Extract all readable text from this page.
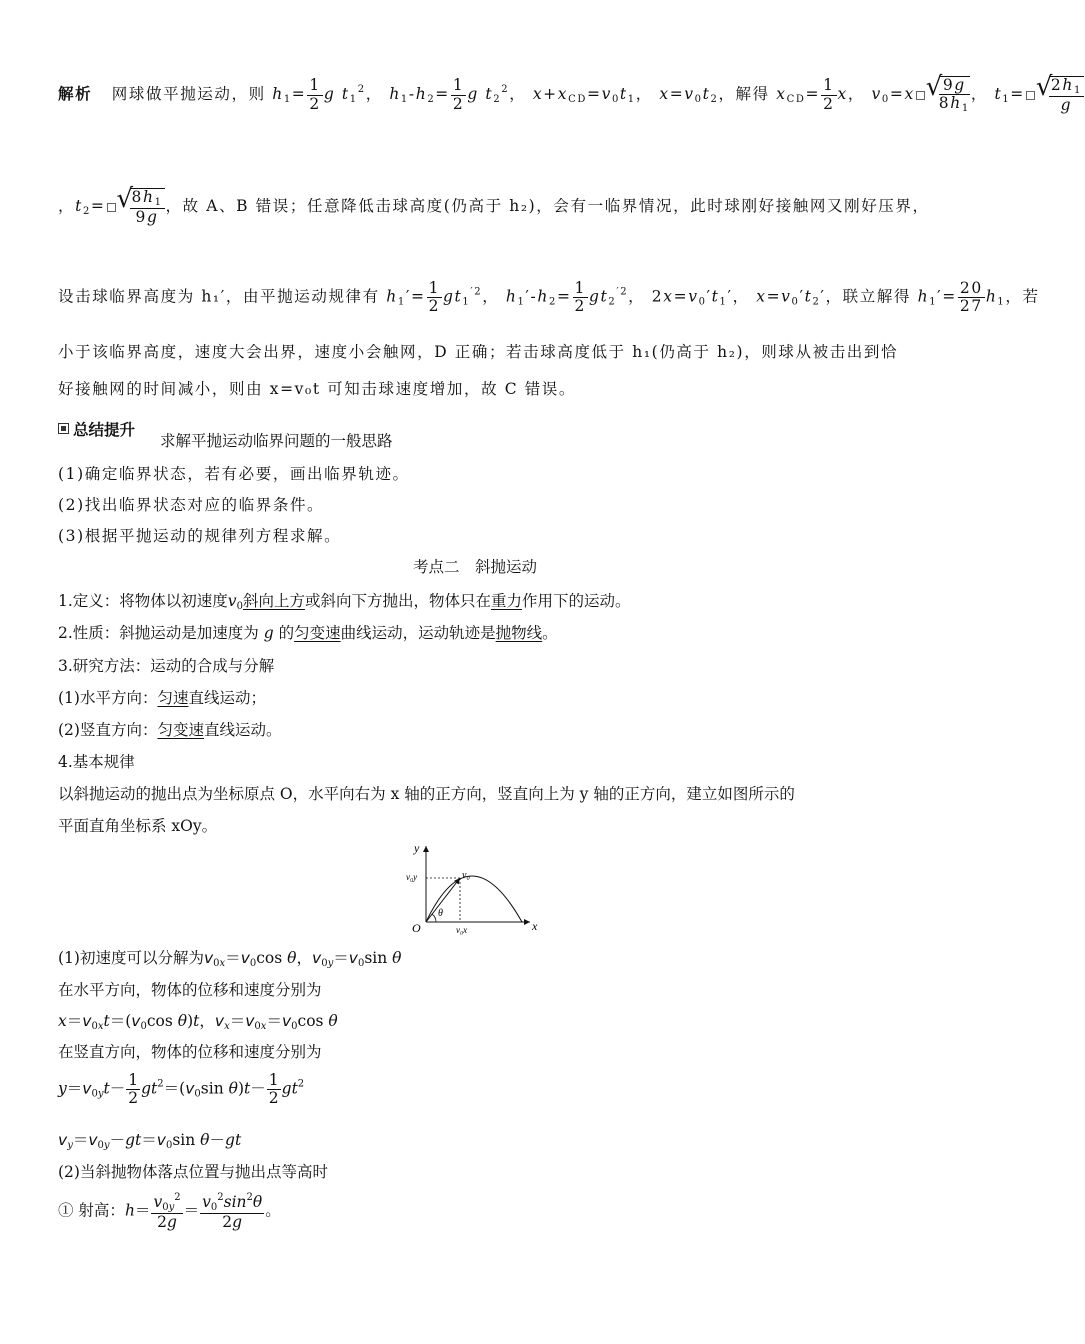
解析 网球做平抛运动，则 $h_1= \frac{1}{2}$ g $t_1^2$， $h_1-h_2= \frac{1}{2}$ g $t_2^2$， $x+x_{CD}=v_0t_1$， $x=v_0t_2$，解得 $x_{CD}= \frac{1}{2}$ x， $v_0=x$ √ $\frac{9g}{8h_1}$ ， $t_1=$ √ $\frac{2h_1}{g}$
，$t_2=$ √ $\frac{8h_1}{9g}$ ，故 A、B 错误；任意降低击球高度(仍高于 h₂)，会有一临界情况，此时球刚好接触网又刚好压界，
设击球临界高度为 h₁′，由平抛运动规律有 $h_1'= \frac{1}{2} gt_1^{'2}$， $h_1'-h_2= \frac{1}{2} gt_2^{'2}$， $2x=v_0't_1'$， $x=v_0't_2'$，联立解得 $h_1'= \frac{20}{27} h_1$，若
小于该临界高度，速度大会出界，速度小会触网，D 正确；若击球高度低于 h₁(仍高于 h₂)，则球从被击出到恰
好接触网的时间减小，则由 x=v₀t 可知击球速度增加，故 C 错误。
总结提升
求解平抛运动临界问题的一般思路
(1)确定临界状态，若有必要，画出临界轨迹。
(2)找出临界状态对应的临界条件。
(3)根据平抛运动的规律列方程求解。
考点二　斜抛运动
1.定义：将物体以初速度$v_0$斜向上方或斜向下方抛出，物体只在重力作用下的运动。
2.性质：斜抛运动是加速度为 g 的匀变速曲线运动，运动轨迹是抛物线。
3.研究方法：运动的合成与分解
(1)水平方向：匀速直线运动；
(2)竖直方向：匀变速直线运动。
4.基本规律
以斜抛运动的抛出点为坐标原点 O，水平向右为 x 轴的正方向，竖直向上为 y 轴的正方向，建立如图所示的
平面直角坐标系 xOy。
y
x
O
v₀
v₀y
v₀x
θ
(1)初速度可以分解为$v_{0x}=v_0\cos$ θ，$v_{0y}=v_0\sin$ θ
在水平方向，物体的位移和速度分别为
$x=v_{0x}t=(v_0\cos$ θ)t，$v_x=v_{0x}=v_0\cos$ θ
在竖直方向，物体的位移和速度分别为
$y=v_{0y}t- \frac{1}{2} gt^2=(v_0\sin$ $\theta)t- \frac{1}{2} gt^2$
$v_y=v_{0y}-gt=v_0\sin$ θ－gt
(2)当斜抛物体落点位置与抛出点等高时
① 射高：$h= \frac{v_{0y}^2}{2g} = \frac{v_0^2\sin^2\theta}{2g}$ 。
